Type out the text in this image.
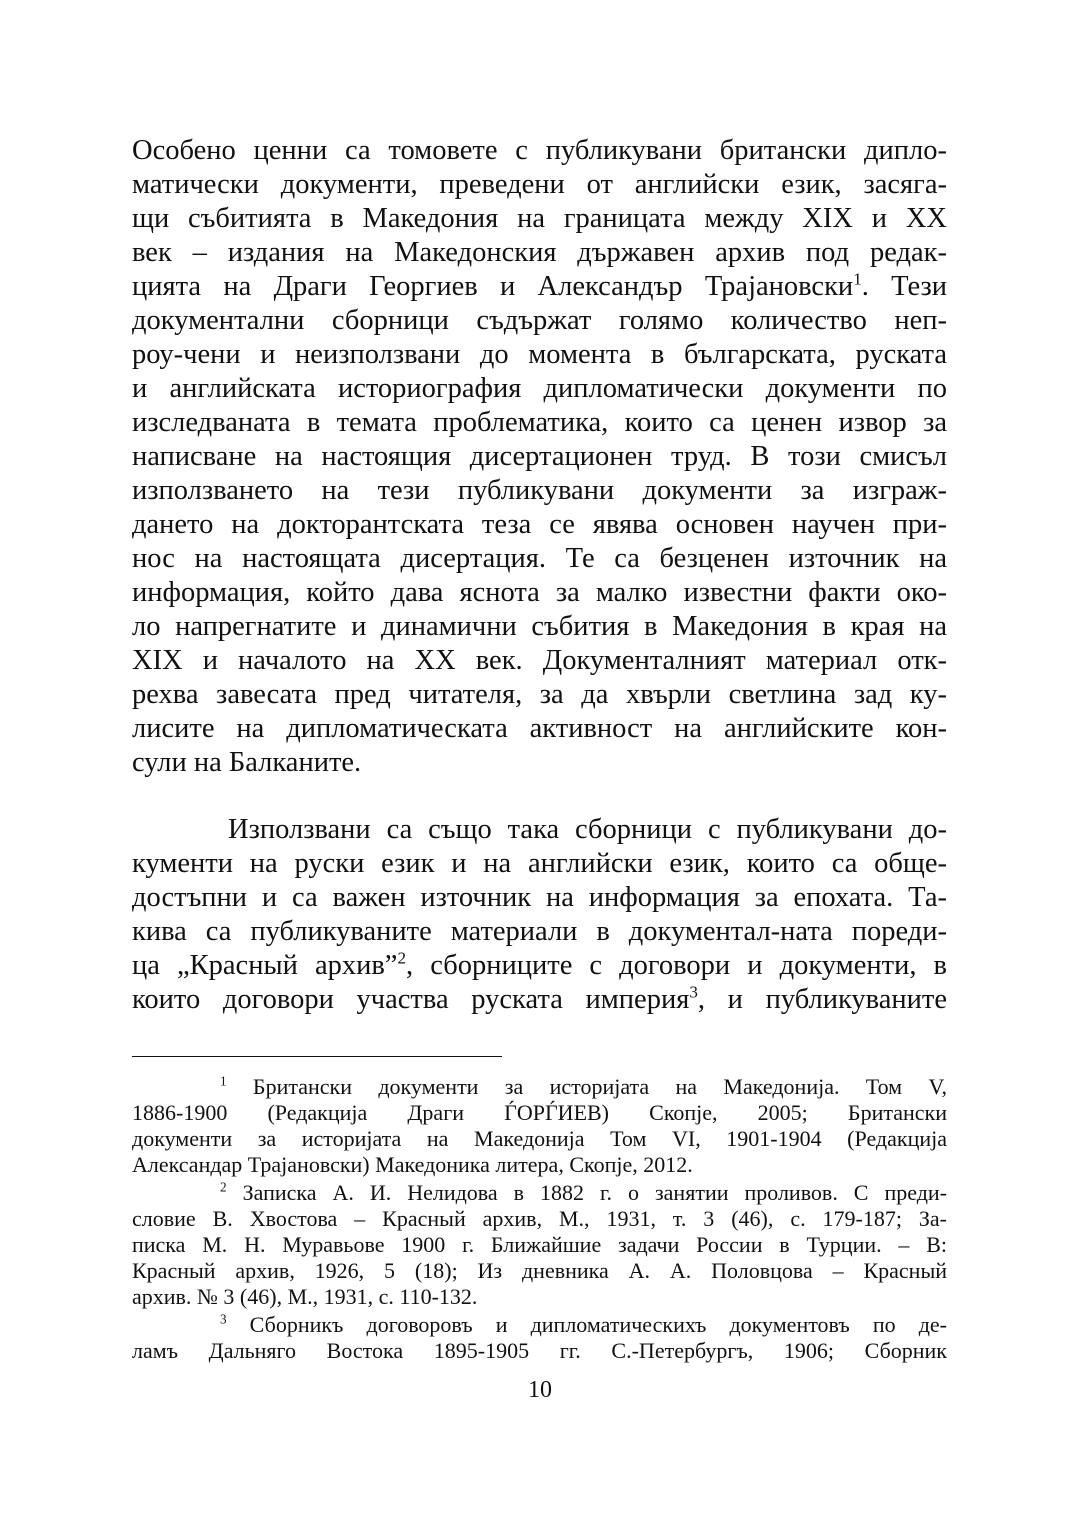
Особено ценни са томовете с публикувани британски дипло-
матически документи, преведени от английски език, засяга-
щи събитията в Македония на границата между XIX и XX
век – издания на Македонския държавен архив под редак-
цията на Драги Георгиев и Александър Трајановски$^1$. Тези
документални сборници съдържат голямо количество неп-
роу-чени и неизползвани до момента в българската, руската
и английската историография дипломатически документи по
изследваната в темата проблематика, които са ценен извор за
написване на настоящия дисертационен труд. В този смисъл
използването на тези публикувани документи за изграж-
дането на докторантската теза се явява основен научен при-
нос на настоящата дисертация. Те са безценен източник на
информация, който дава яснота за малко известни факти око-
ло напрегнатите и динамични събития в Македония в края на
XIX и началото на XX век. Документалният материал отк-
рехва завесата пред читателя, за да хвърли светлина зад ку-
лисите на дипломатическата активност на английските кон-
сули на Балканите.
Използвани са също така сборници с публикувани до-
кументи на руски език и на английски език, които са обще-
достъпни и са важен източник на информация за епохата. Та-
кива са публикуваните материали в документал-ната пореди-
ца „Красный архив”$^2$, сборниците с договори и документи, в
които договори участва руската империя$^3$, и публикуваните
$^1$ Британски документи за историјата на Македонија. Том V,
1886-1900 (Редакција Драги ЃОРЃИЕВ) Скопје, 2005; Британски
документи за историјата на Македонија Том VI, 1901-1904 (Редакција
Александар Трајановски) Македоника литера, Скопје, 2012.
$^2$ Записка А. И. Нелидова в 1882 г. о занятии проливов. С преди-
словие В. Хвостова – Красный архив, М., 1931, т. 3 (46), с. 179-187; За-
писка М. Н. Муравьове 1900 г. Ближайшие задачи России в Турции. – В:
Красный архив, 1926, 5 (18); Из дневника А. А. Половцова – Красный
архив. № 3 (46), М., 1931, с. 110-132.
$^3$ Сборникъ договоровъ и дипломатическихъ документовъ по де-
ламъ Дальняго Востока 1895-1905 гг. С.-Петербургъ, 1906; Сборник
10
